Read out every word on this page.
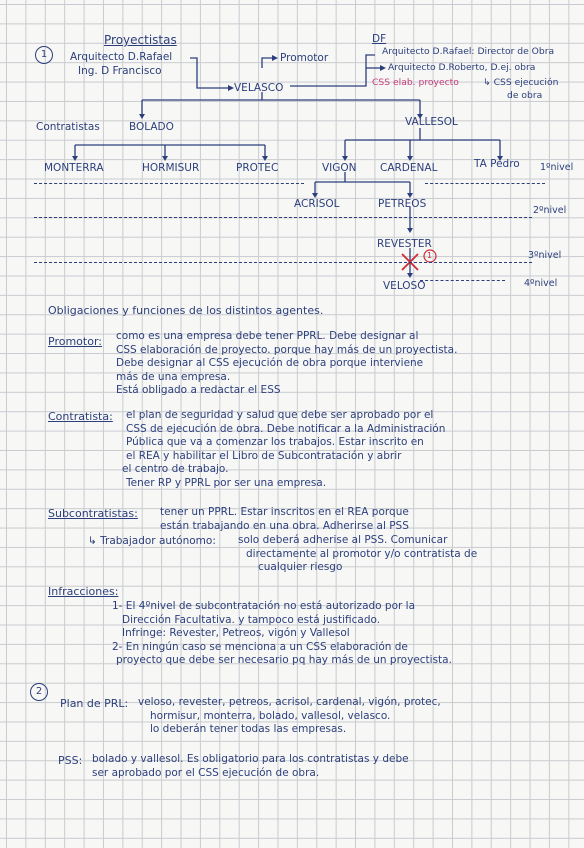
1
Proyectistas
Arquitecto D.Rafael
Ing. D Francisco
Promotor
DF
Arquitecto D.Rafael: Director de Obra
Arquitecto D.Roberto, D.ej. obra
CSS elab. proyecto	↳ CSS ejecución
de obra
VELASCO
Contratistas	BOLADO	VALLESOL
MONTERRA	HORMISUR	PROTEC	VIGON CARDENAL	TA Pedro 1ºnivel
ACRISOL	PETREOS
2ºnivel
REVESTER
3ºnivel
1
VELOSO	4ºnivel
Obligaciones y funciones de los distintos agentes.
Promotor: como es una empresa debe tener PPRL. Debe designar al
CSS elaboración de proyecto. porque hay más de un proyectista.
Debe designar al CSS ejecución de obra porque interviene
más de una empresa.
Está obligado a redactar el ESS
Contratista: el plan de seguridad y salud que debe ser aprobado por el
CSS de ejecución de obra. Debe notificar a la Administración
Pública que va a comenzar los trabajos. Estar inscrito en
el REA y habilitar el Libro de Subcontratación y abrir
el centro de trabajo.
Tener RP y PPRL por ser una empresa.
Subcontratistas: tener un PPRL. Estar inscritos en el REA porque
están trabajando en una obra. Adherirse al PSS
↳ Trabajador autónomo: solo deberá adherise al PSS. Comunicar
directamente al promotor y/o contratista de
cualquier riesgo
Infracciones:
1- El 4ºnivel de subcontratación no está autorizado por la
Dirección Facultativa. y tampoco está justificado.
Infringe: Revester, Petreos, vigón y Vallesol
2- En ningún caso se menciona a un CSS elaboración de
proyecto que debe ser necesario pq hay más de un proyectista.
2
Plan de PRL: veloso, revester, petreos, acrisol, cardenal, vigón, protec,
hormisur, monterra, bolado, vallesol, velasco.
lo deberán tener todas las empresas.
PSS: bolado y vallesol. Es obligatorio para los contratistas y debe
ser aprobado por el CSS ejecución de obra.
